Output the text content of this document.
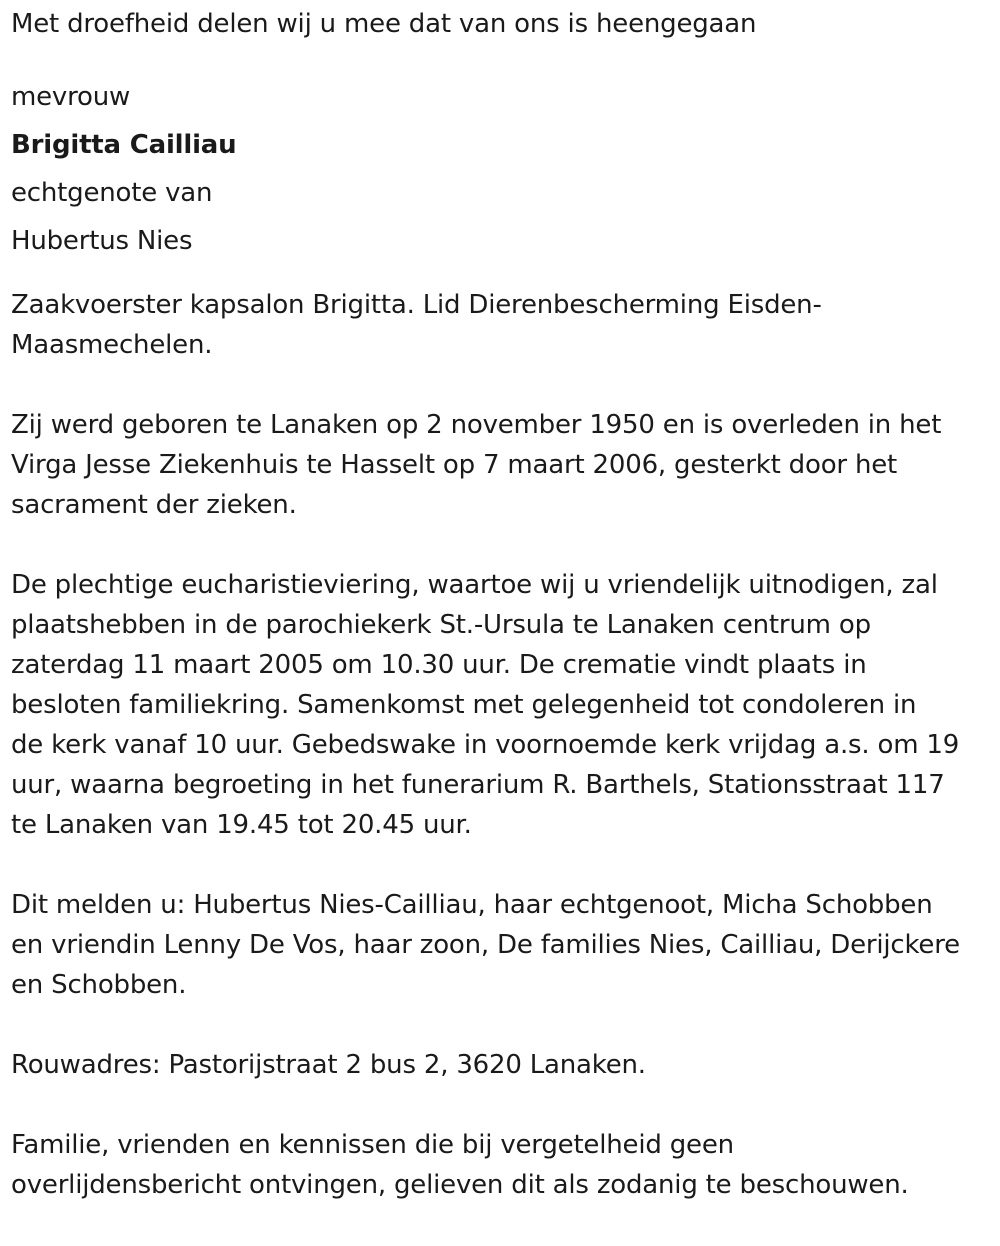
Met droefheid delen wij u mee dat van ons is heengegaan

mevrouw

Brigitta Cailliau

echtgenote van

Hubertus Nies

Zaakvoerster kapsalon Brigitta. Lid Dierenbescherming Eisden-

Maasmechelen.

Zij werd geboren te Lanaken op 2 november 1950 en is overleden in het

Virga Jesse Ziekenhuis te Hasselt op 7 maart 2006, gesterkt door het

sacrament der zieken.

De plechtige eucharistieviering, waartoe wij u vriendelijk uitnodigen, zal

plaatshebben in de parochiekerk St.-Ursula te Lanaken centrum op

zaterdag 11 maart 2005 om 10.30 uur. De crematie vindt plaats in

besloten familiekring. Samenkomst met gelegenheid tot condoleren in

de kerk vanaf 10 uur. Gebedswake in voornoemde kerk vrijdag a.s. om 19

uur, waarna begroeting in het funerarium R. Barthels, Stationsstraat 117

te Lanaken van 19.45 tot 20.45 uur.

Dit melden u: Hubertus Nies-Cailliau, haar echtgenoot, Micha Schobben

en vriendin Lenny De Vos, haar zoon, De families Nies, Cailliau, Derijckere

en Schobben.

Rouwadres: Pastorijstraat 2 bus 2, 3620 Lanaken.

Familie, vrienden en kennissen die bij vergetelheid geen

overlijdensbericht ontvingen, gelieven dit als zodanig te beschouwen.
